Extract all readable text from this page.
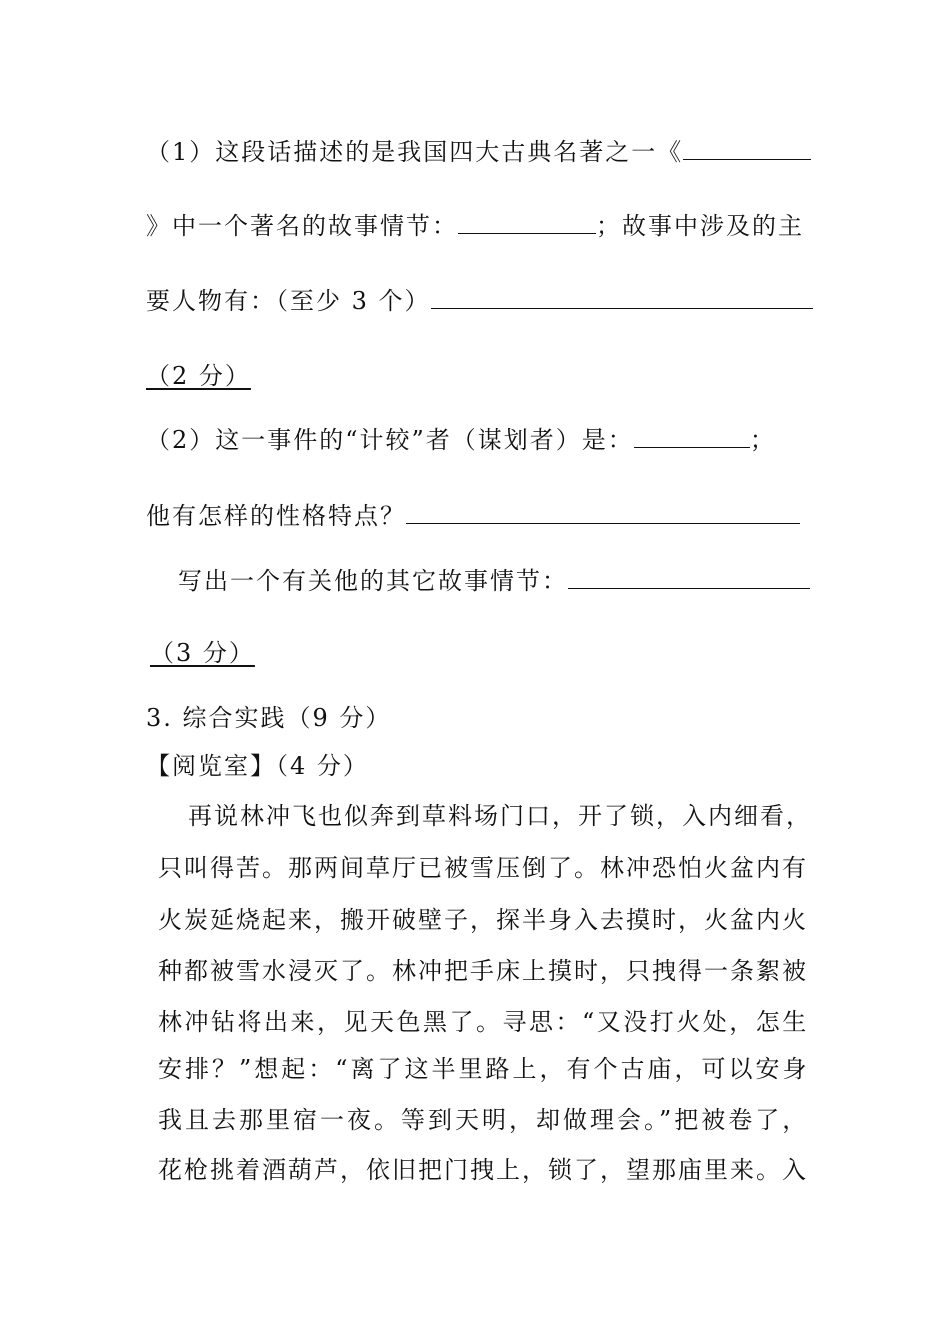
（1）这段话描述的是我国四大古典名著之一《
》中一个著名的故事情节：	；故事中涉及的主
要人物有：（至少 3 个）
（2 分）
（2）这一事件的“计较”者（谋划者）是：	；
他有怎样的性格特点？
写出一个有关他的其它故事情节：
（3 分）
3. 综合实践（9 分）
【阅览室】（4 分）
再说林冲飞也似奔到草料场门口，开了锁，入内细看，
只叫得苦。那两间草厅已被雪压倒了。林冲恐怕火盆内有
火炭延烧起来，搬开破壁子，探半身入去摸时，火盆内火
种都被雪水浸灭了。林冲把手床上摸时，只拽得一条絮被
林冲钻将出来，见天色黑了。寻思：“又没打火处，怎生
安排？”想起：“离了这半里路上，有个古庙，可以安身
我且去那里宿一夜。等到天明，却做理会。”把被卷了，
花枪挑着酒葫芦，依旧把门拽上，锁了，望那庙里来。入
